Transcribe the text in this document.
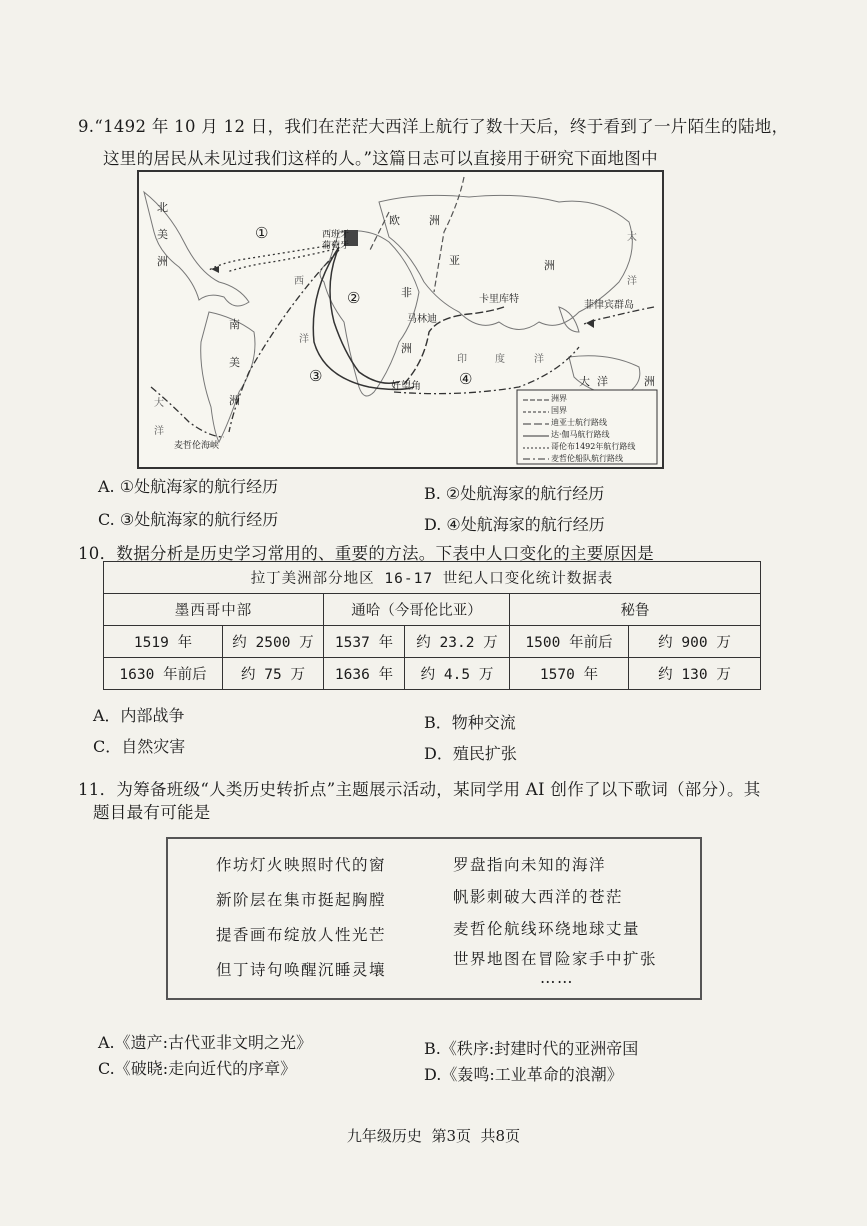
9.“1492 年 10 月 12 日，我们在茫茫大西洋上航行了数十天后，终于看到了一片陌生的陆地，
这里的居民从未见过我们这样的人。”这篇日志可以直接用于研究下面地图中
北
美
洲
南
美
洲
欧	洲
非
洲
亚	洲
大 洋	洲
西
洋
印	度	洋
太
洋
大
洋
西班牙
葡萄牙
卡里库特
马林迪
好望角
菲律宾群岛
麦哲伦海峡
①
②
③	④
洲界
国界
迪亚士航行路线
达·伽马航行路线
哥伦布1492年航行路线
麦哲伦船队航行路线
A. ①处航海家的航行经历	B. ②处航海家的航行经历
C. ③处航海家的航行经历	D. ④处航海家的航行经历
10．数据分析是历史学习常用的、重要的方法。下表中人口变化的主要原因是
拉丁美洲部分地区 16-17 世纪人口变化统计数据表					
墨西哥中部		通哈（今哥伦比亚）		秘鲁	
1519 年	约 2500 万	1537 年	约 23.2 万	1500 年前后	约 900 万
1630 年前后	约 75 万	1636 年	约 4.5 万	1570 年	约 130 万
A．内部战争	B．物种交流
C．自然灾害	D．殖民扩张
11．为筹备班级“人类历史转折点”主题展示活动，某同学用 AI 创作了以下歌词（部分）。其
题目最有可能是
作坊灯火映照时代的窗
新阶层在集市挺起胸膛
提香画布绽放人性光芒
但丁诗句唤醒沉睡灵壤
罗盘指向未知的海洋
帆影刺破大西洋的苍茫
麦哲伦航线环绕地球丈量
世界地图在冒险家手中扩张
……
A.《遗产:古代亚非文明之光》	B.《秩序:封建时代的亚洲帝国
C.《破晓:走向近代的序章》	D.《轰鸣:工业革命的浪潮》
九年级历史  第3页  共8页
